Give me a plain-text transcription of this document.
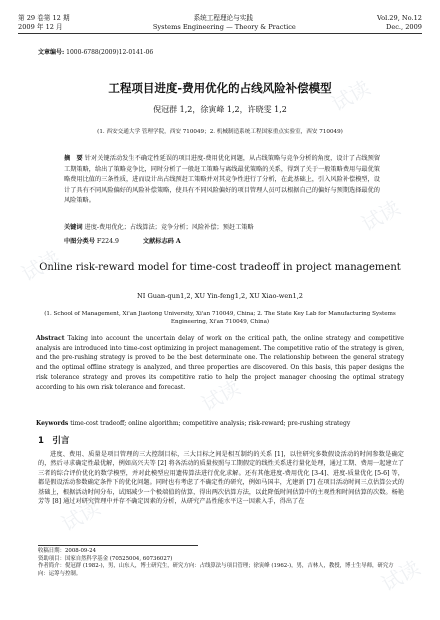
第 29 卷第 12 期	系统工程理论与实践	Vol.29, No.12
2009 年 12 月	Systems Engineering — Theory & Practice	Dec., 2009
文章编号: 1000-6788(2009)12-0141-06
工程项目进度-费用优化的占线风险补偿模型
倪冠群 1,2，徐寅峰 1,2，许晓雯 1,2
(1. 西安交通大学 管理学院，西安 710049；2. 机械制造系统工程国家重点实验室，西安 710049)
摘　要 针对关键活动发生不确定性延误的项目进度-费用优化问题，从占线策略与竞争分析的角度，设计了占线预留工期策略，给出了策略竞争比，同时分析了一般赶工策略与离线最优策略的关系，得到了关于一般策略费用与最优策略费用比值的三条性质，进而设计出占线预赶工策略并对其竞争性进行了分析，在此基础上，引入风险补偿模型，设计了具有不同风险偏好的风险补偿策略，使具有不同风险偏好的项目管理人员可以根据自己的偏好与预期选择最优的风险策略。
关键词 进度-费用优化；占线算法；竞争分析；风险补偿；预赶工策略
中图分类号 F224.9	文献标志码 A
Online risk-reward model for time-cost tradeoff in project management
NI Guan-qun1,2, XU Yin-feng1,2, XU Xiao-wen1,2
(1. School of Management, Xi'an Jiaotong University, Xi'an 710049, China; 2. The State Key Lab for Manufacturing Systems Engineering, Xi'an 710049, China)
Abstract Taking into account the uncertain delay of work on the critical path, the online strategy and competitive analysis are introduced into time-cost optimizing in project management. The competitive ratio of the strategy is given, and the pre-rushing strategy is proved to be the best determinate one. The relationship between the general strategy and the optimal offline strategy is analyzed, and three properties are discovered. On this basis, this paper designs the risk tolerance strategy and proves its competitive ratio to help the project manager choosing the optimal strategy according to his own risk tolerance and forecast.
Keywords time-cost tradeoff; online algorithm; competitive analysis; risk-reward; pre-rushing strategy
1　引言
进度、费用、质量是项目管理的三大控制目标，三大目标之间是相互制约的关系 [1]，以往研究多数假设活动的时间参数是确定的，然后寻求确定性最优解，例如高兴夫等 [2] 将各活动的质量按照与工期假定的线性关系进行量化处理，通过工期、费用一起建立了三者的综合评价优化的数学模型，并对此模型应用遗传算法进行优化求解。还有其他进度-费用优化 [3-4]、进度-质量优化 [5-6] 等，都是假设活动参数确定条件下的优化问题。同时也有考虑了不确定性的研究，例如马国丰，尤建新 [7] 在项目活动时间三点估算公式的基础上，根据活动时间分布，试图减少一个极端值的估算，得出两次估算方法，以此降低时间估算中的主观性和时间估算的次数。杨艳芳等 [8] 通过对研究管理中并存不确定因素的分析，从研究产品性能水平这一因素入手，得出了在
收稿日期：2008-09-24
资助项目：国家自然科学基金 (70525004, 60736027)
作者简介：倪冠群 (1982-)，男，山东人，博士研究生，研究方向：占线算法与项目管理；徐寅峰 (1962-)，男，吉林人，教授，博士生导师，研究方向：运筹与控制。
试读
试读
试读
试读
试读
试读
